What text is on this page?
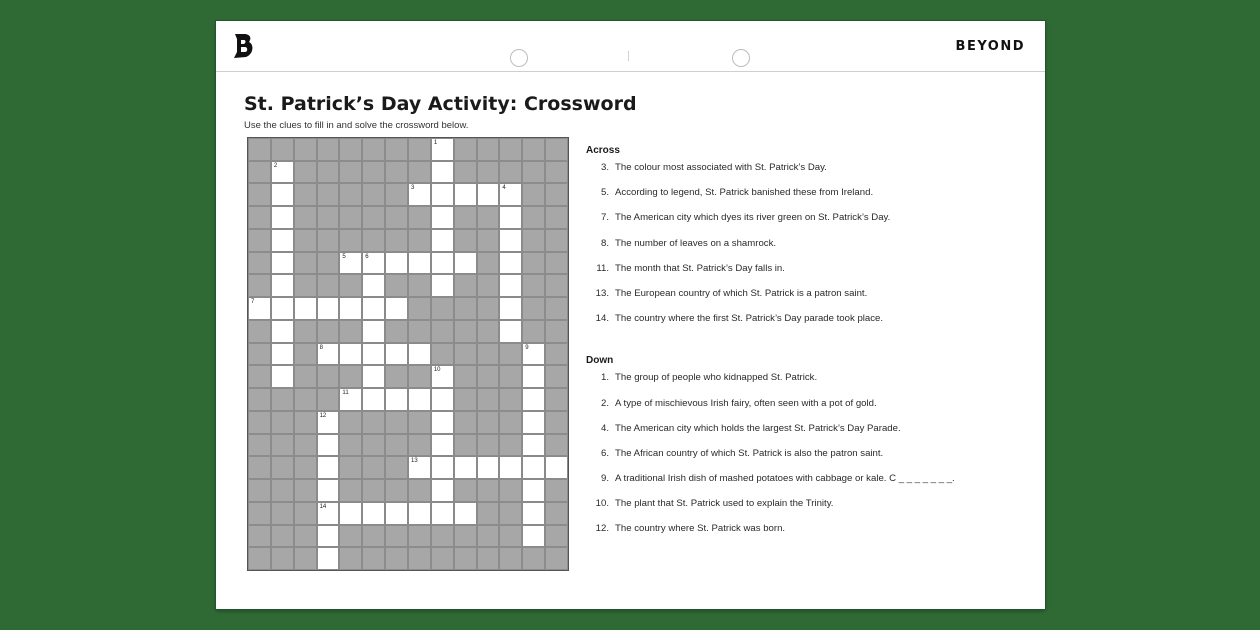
BEYOND
St. Patrick’s Day Activity: Crossword
Use the clues to fill in and solve the crossword below.
1
2
3	4
5	6
7
8	9
10
11
12
13
14
Across
3. The colour most associated with St. Patrick’s Day.
5. According to legend, St. Patrick banished these from Ireland.
7. The American city which dyes its river green on St. Patrick’s Day.
8. The number of leaves on a shamrock.
11. The month that St. Patrick’s Day falls in.
13. The European country of which St. Patrick is a patron saint.
14. The country where the first St. Patrick’s Day parade took place.
Down
1. The group of people who kidnapped St. Patrick.
2. A type of mischievous Irish fairy, often seen with a pot of gold.
4. The American city which holds the largest St. Patrick’s Day Parade.
6. The African country of which St. Patrick is also the patron saint.
9. A traditional Irish dish of mashed potatoes with cabbage or kale. C _ _ _ _ _ _ _.
10. The plant that St. Patrick used to explain the Trinity.
12. The country where St. Patrick was born.
